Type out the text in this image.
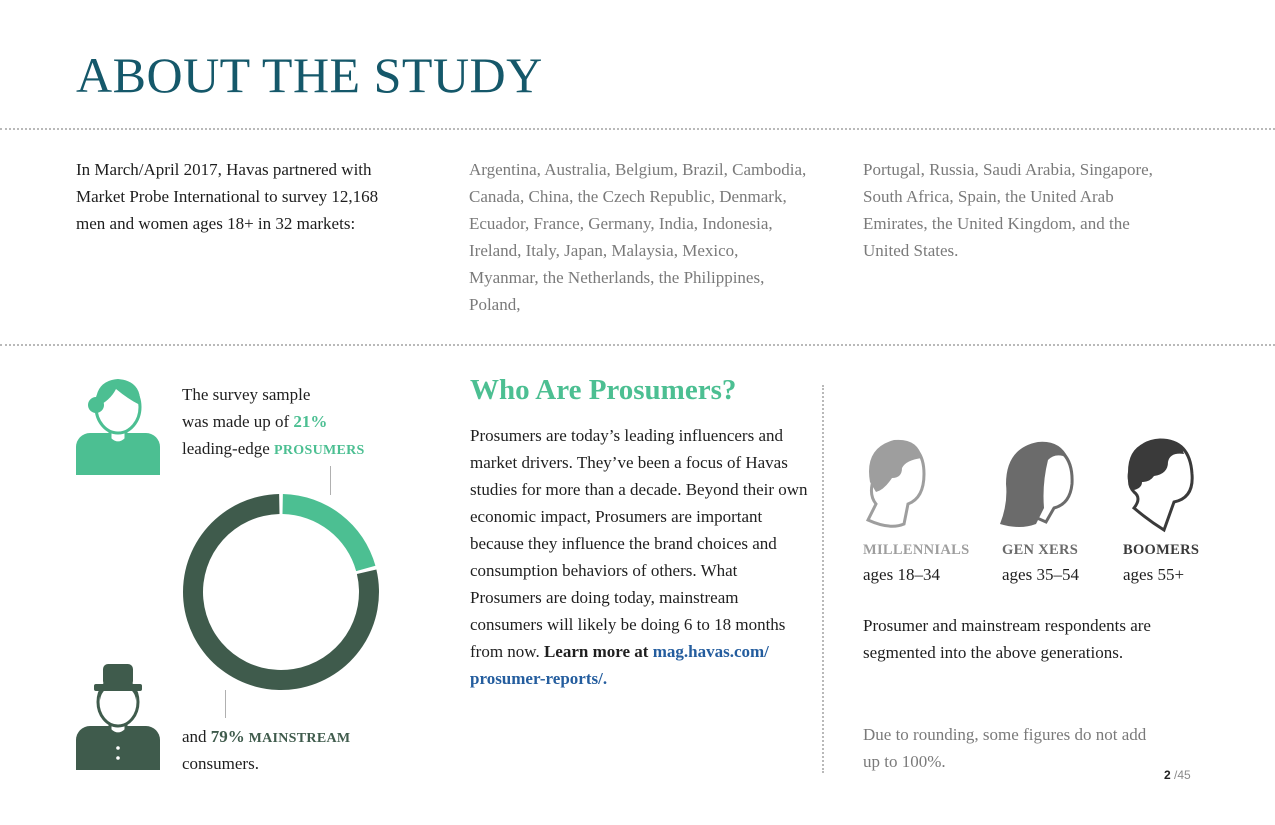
ABOUT THE STUDY
In March/April 2017, Havas partnered with Market Probe International to survey 12,168 men and women ages 18+ in 32 markets:
Argentina, Australia, Belgium, Brazil, Cambodia, Canada, China, the Czech Republic, Denmark, Ecuador, France, Germany, India, Indonesia, Ireland, Italy, Japan, Malaysia, Mexico, Myanmar, the Netherlands, the Philippines, Poland,
Portugal, Russia, Saudi Arabia, Singapore, South Africa, Spain, the United Arab Emirates, the United Kingdom, and the United States.
The survey sample
was made up of 21%
leading-edge PROSUMERS
and 79% MAINSTREAM
consumers.
Who Are Prosumers?
Prosumers are today’s leading influencers and market drivers. They’ve been a focus of Havas studies for more than a decade. Beyond their own economic impact, Prosumers are important because they influence the brand choices and consumption behaviors of others. What Prosumers are doing today, mainstream consumers will likely be doing 6 to 18 months from now. Learn more at mag.havas.com/ prosumer-reports/.
MILLENNIALS
ages 18–34
GEN XERS
ages 35–54
BOOMERS
ages 55+
Prosumer and mainstream respondents are segmented into the above generations.
Due to rounding, some figures do not add up to 100%.
2 /45
